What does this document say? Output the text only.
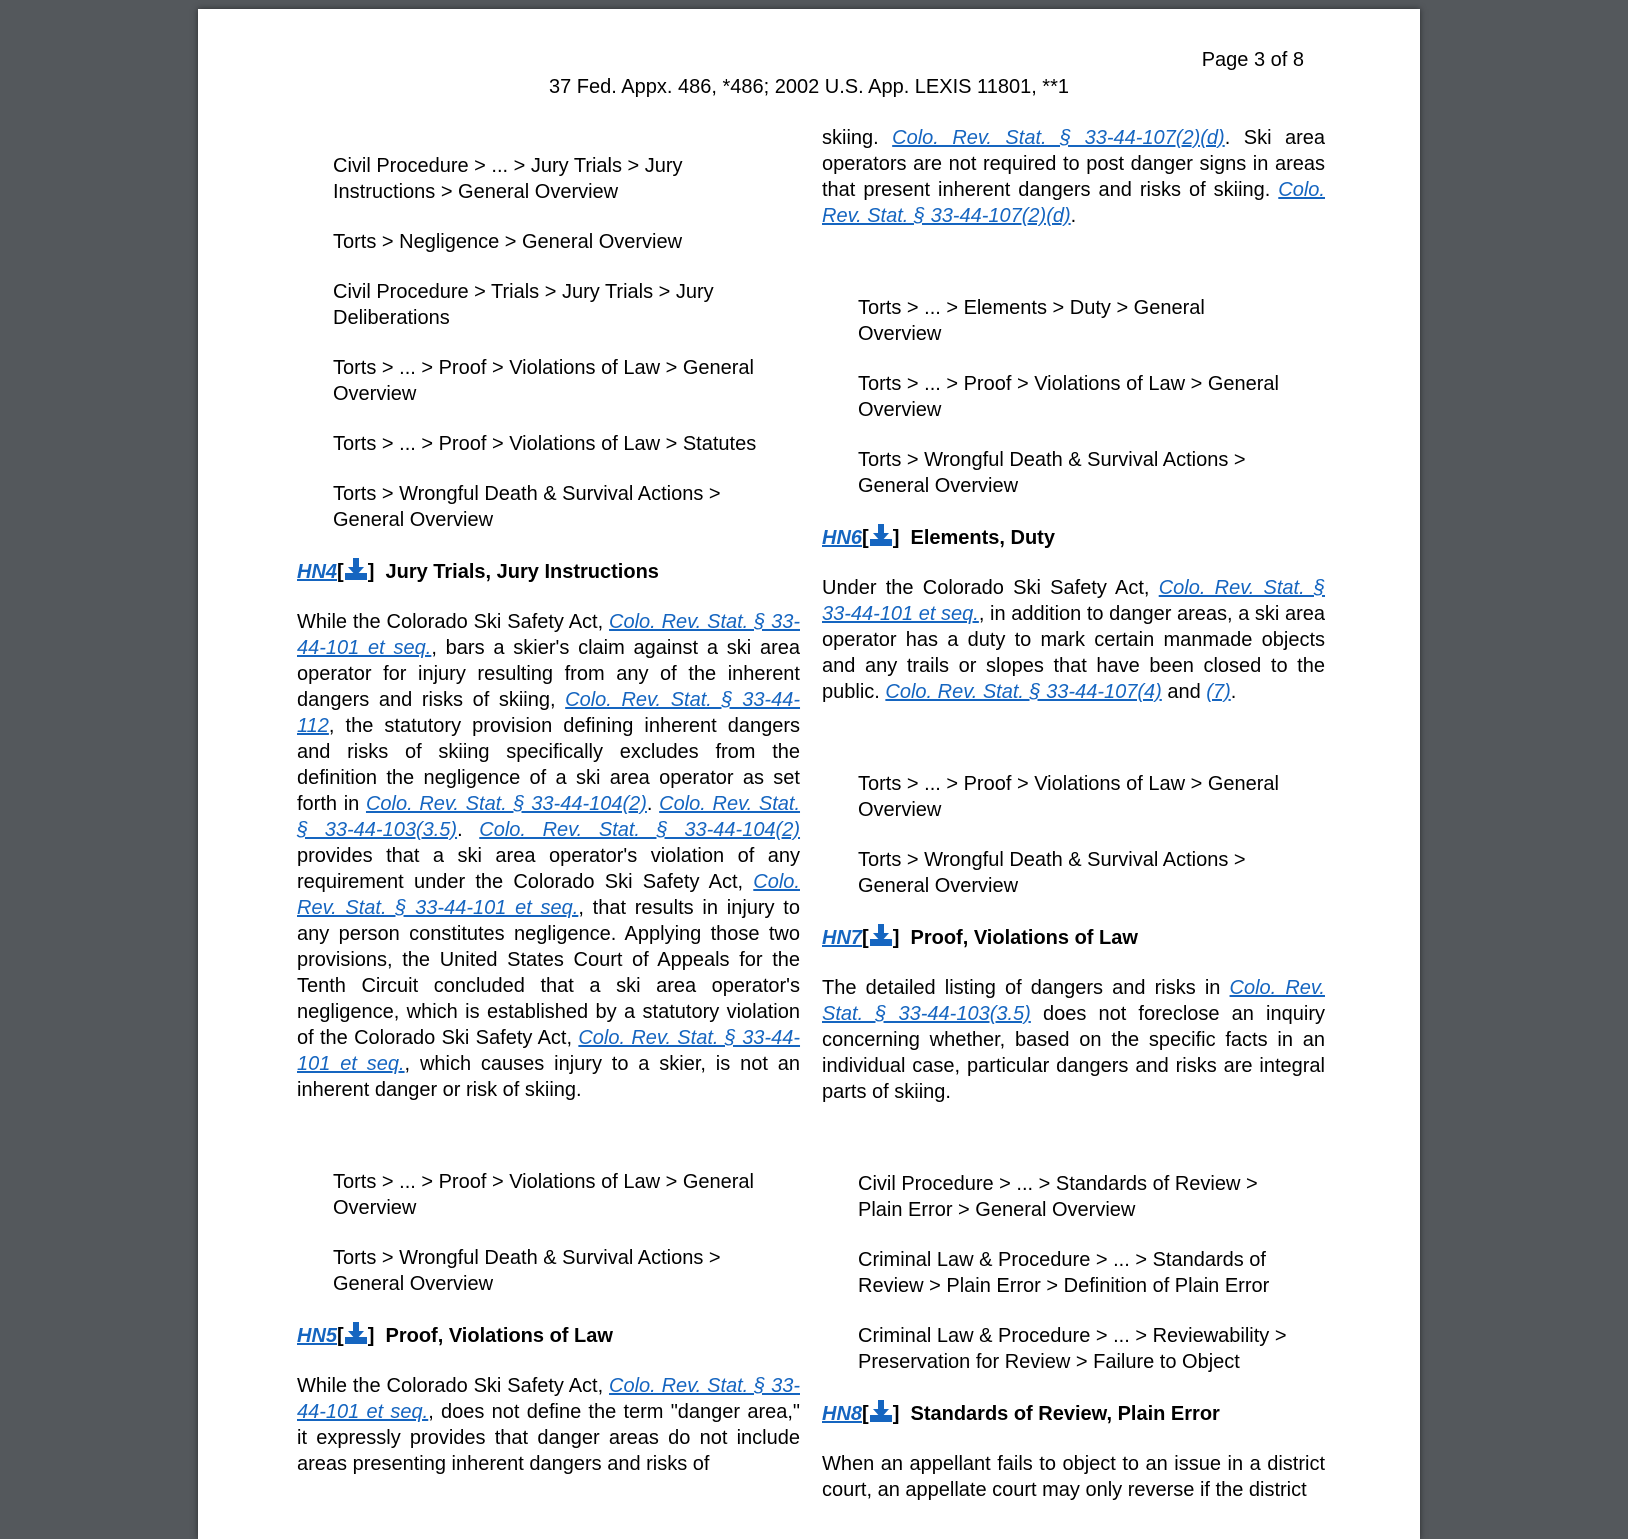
Page 3 of 8
37 Fed. Appx. 486, *486; 2002 U.S. App. LEXIS 11801, **1
Civil Procedure > ... > Jury Trials > Jury Instructions > General Overview
Torts > Negligence > General Overview
Civil Procedure > Trials > Jury Trials > Jury Deliberations
Torts > ... > Proof > Violations of Law > General Overview
Torts > ... > Proof > Violations of Law > Statutes
Torts > Wrongful Death & Survival Actions > General Overview
HN4[ ] Jury Trials, Jury Instructions

While the Colorado Ski Safety Act, Colo. Rev. Stat. § 33-44-101 et seq., bars a skier's claim against a ski area operator for injury resulting from any of the inherent dangers and risks of skiing, Colo. Rev. Stat. § 33-44-112, the statutory provision defining inherent dangers and risks of skiing specifically excludes from the definition the negligence of a ski area operator as set forth in Colo. Rev. Stat. § 33-44-104(2). Colo. Rev. Stat. § 33-44-103(3.5). Colo. Rev. Stat. § 33-44-104(2) provides that a ski area operator's violation of any requirement under the Colorado Ski Safety Act, Colo. Rev. Stat. § 33-44-101 et seq., that results in injury to any person constitutes negligence. Applying those two provisions, the United States Court of Appeals for the Tenth Circuit concluded that a ski area operator's negligence, which is established by a statutory violation of the Colorado Ski Safety Act, Colo. Rev. Stat. § 33-44-101 et seq., which causes injury to a skier, is not an inherent danger or risk of skiing.

Torts > ... > Proof > Violations of Law > General Overview
Torts > Wrongful Death & Survival Actions > General Overview
HN5[ ] Proof, Violations of Law

While the Colorado Ski Safety Act, Colo. Rev. Stat. § 33-44-101 et seq., does not define the term "danger area," it expressly provides that danger areas do not include areas presenting inherent dangers and risks of

skiing. Colo. Rev. Stat. § 33-44-107(2)(d). Ski area operators are not required to post danger signs in areas that present inherent dangers and risks of skiing. Colo. Rev. Stat. § 33-44-107(2)(d).

Torts > ... > Elements > Duty > General Overview
Torts > ... > Proof > Violations of Law > General Overview
Torts > Wrongful Death & Survival Actions > General Overview
HN6[ ] Elements, Duty

Under the Colorado Ski Safety Act, Colo. Rev. Stat. § 33-44-101 et seq., in addition to danger areas, a ski area operator has a duty to mark certain manmade objects and any trails or slopes that have been closed to the public. Colo. Rev. Stat. § 33-44-107(4) and (7).

Torts > ... > Proof > Violations of Law > General Overview
Torts > Wrongful Death & Survival Actions > General Overview
HN7[ ] Proof, Violations of Law

The detailed listing of dangers and risks in Colo. Rev. Stat. § 33-44-103(3.5) does not foreclose an inquiry concerning whether, based on the specific facts in an individual case, particular dangers and risks are integral parts of skiing.

Civil Procedure > ... > Standards of Review > Plain Error > General Overview
Criminal Law & Procedure > ... > Standards of Review > Plain Error > Definition of Plain Error
Criminal Law & Procedure > ... > Reviewability > Preservation for Review > Failure to Object
HN8[ ] Standards of Review, Plain Error

When an appellant fails to object to an issue in a district court, an appellate court may only reverse if the district
